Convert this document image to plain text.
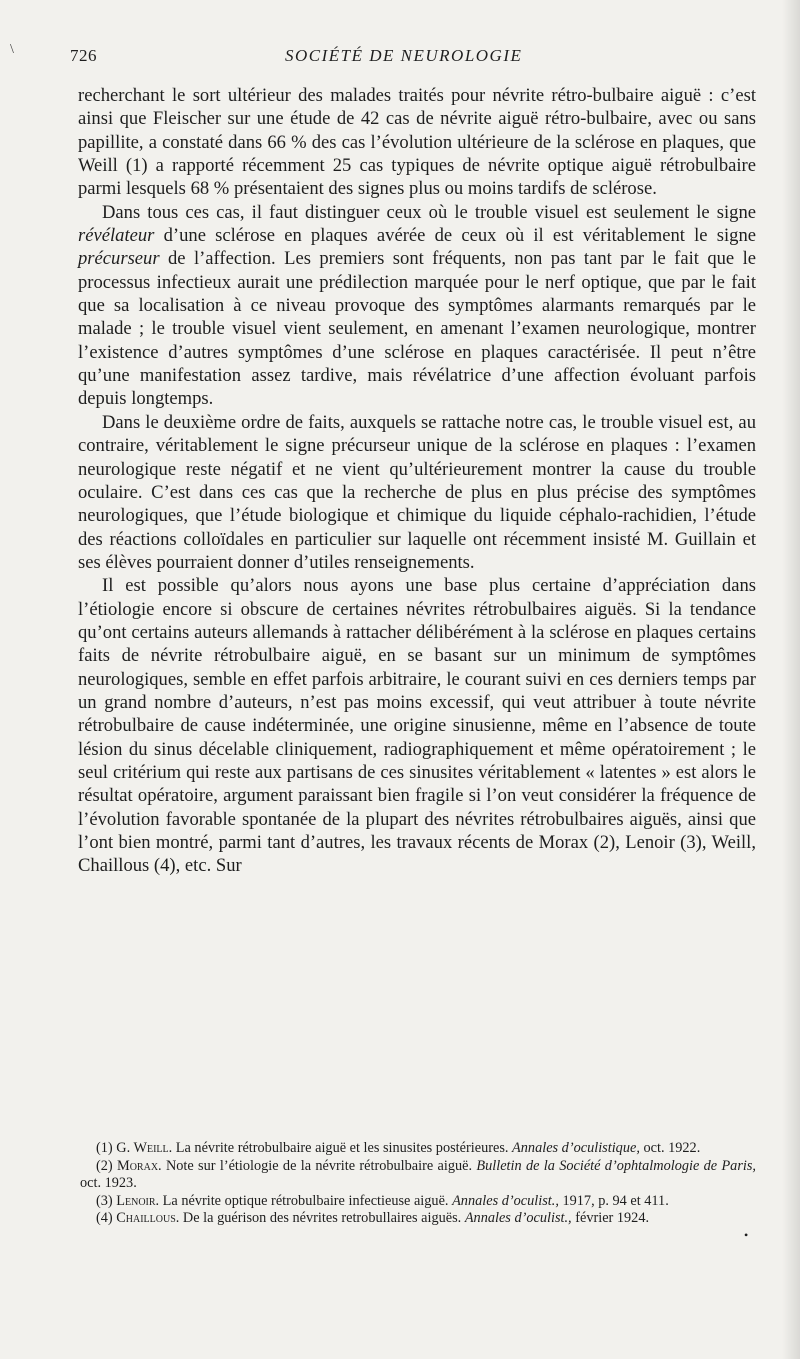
\	726	SOCIÉTÉ DE NEUROLOGIE

recherchant le sort ultérieur des malades traités pour névrite rétro-bulbaire aiguë : c’est ainsi que Fleischer sur une étude de 42 cas de névrite aiguë rétro-bulbaire, avec ou sans papillite, a constaté dans 66 % des cas l’évolution ultérieure de la sclérose en plaques, que Weill (1) a rapporté récemment 25 cas typiques de névrite optique aiguë rétrobulbaire parmi lesquels 68 % présentaient des signes plus ou moins tardifs de sclérose.

Dans tous ces cas, il faut distinguer ceux où le trouble visuel est seulement le signe révélateur d’une sclérose en plaques avérée de ceux où il est véritablement le signe précurseur de l’affection. Les premiers sont fréquents, non pas tant par le fait que le processus infectieux aurait une prédilection marquée pour le nerf optique, que par le fait que sa localisation à ce niveau provoque des symptômes alarmants remarqués par le malade ; le trouble visuel vient seulement, en amenant l’examen neurologique, montrer l’existence d’autres symptômes d’une sclérose en plaques caractérisée. Il peut n’être qu’une manifestation assez tardive, mais révélatrice d’une affection évoluant parfois depuis longtemps.

Dans le deuxième ordre de faits, auxquels se rattache notre cas, le trouble visuel est, au contraire, véritablement le signe précurseur unique de la sclérose en plaques : l’examen neurologique reste négatif et ne vient qu’ultérieurement montrer la cause du trouble oculaire. C’est dans ces cas que la recherche de plus en plus précise des symptômes neurologiques, que l’étude biologique et chimique du liquide céphalo-rachidien, l’étude des réactions colloïdales en particulier sur laquelle ont récemment insisté M. Guillain et ses élèves pourraient donner d’utiles renseignements.

Il est possible qu’alors nous ayons une base plus certaine d’appréciation dans l’étiologie encore si obscure de certaines névrites rétrobulbaires aiguës. Si la tendance qu’ont certains auteurs allemands à rattacher délibérément à la sclérose en plaques certains faits de névrite rétrobulbaire aiguë, en se basant sur un minimum de symptômes neurologiques, semble en effet parfois arbitraire, le courant suivi en ces derniers temps par un grand nombre d’auteurs, n’est pas moins excessif, qui veut attribuer à toute névrite rétrobulbaire de cause indéterminée, une origine sinusienne, même en l’absence de toute lésion du sinus décelable cliniquement, radiographiquement et même opératoirement ; le seul critérium qui reste aux partisans de ces sinusites véritablement « latentes » est alors le résultat opératoire, argument paraissant bien fragile si l’on veut considérer la fréquence de l’évolution favorable spontanée de la plupart des névrites rétrobulbaires aiguës, ainsi que l’ont bien montré, parmi tant d’autres, les travaux récents de Morax (2), Lenoir (3), Weill, Chaillous (4), etc. Sur

(1) G. Weill. La névrite rétrobulbaire aiguë et les sinusites postérieures. Annales d’oculistique, oct. 1922.

(2) Morax. Note sur l’étiologie de la névrite rétrobulbaire aiguë. Bulletin de la Société d’ophtalmologie de Paris, oct. 1923.

(3) Lenoir. La névrite optique rétrobulbaire infectieuse aiguë. Annales d’oculist., 1917, p. 94 et 411.

(4) Chaillous. De la guérison des névrites retrobullaires aiguës. Annales d’oculist., février 1924.

•
